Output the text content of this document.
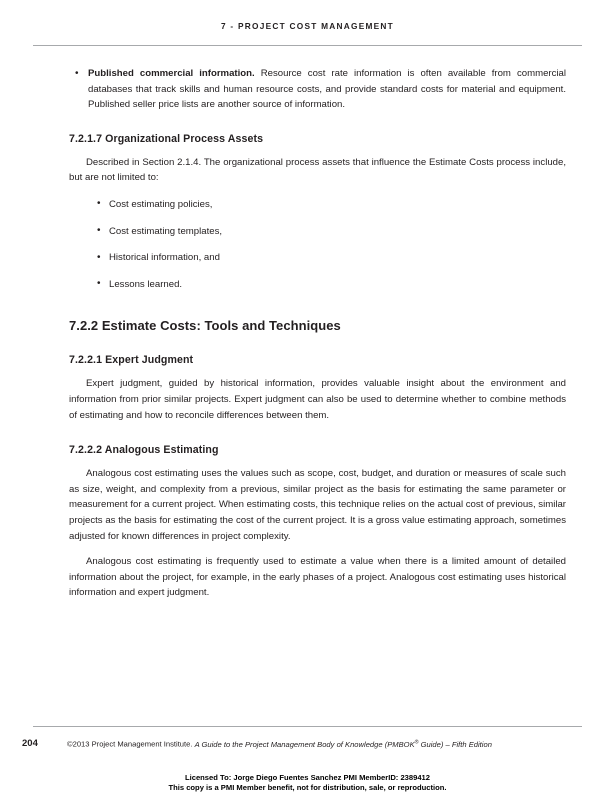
7 - PROJECT COST MANAGEMENT
• Published commercial information. Resource cost rate information is often available from commercial databases that track skills and human resource costs, and provide standard costs for material and equipment. Published seller price lists are another source of information.
7.2.1.7 Organizational Process Assets

Described in Section 2.1.4. The organizational process assets that influence the Estimate Costs process include, but are not limited to:

• Cost estimating policies,
• Cost estimating templates,
• Historical information, and
• Lessons learned.
7.2.2 Estimate Costs: Tools and Techniques
7.2.2.1 Expert Judgment

Expert judgment, guided by historical information, provides valuable insight about the environment and information from prior similar projects. Expert judgment can also be used to determine whether to combine methods of estimating and how to reconcile differences between them.

7.2.2.2 Analogous Estimating

Analogous cost estimating uses the values such as scope, cost, budget, and duration or measures of scale such as size, weight, and complexity from a previous, similar project as the basis for estimating the same parameter or measurement for a current project. When estimating costs, this technique relies on the actual cost of previous, similar projects as the basis for estimating the cost of the current project. It is a gross value estimating approach, sometimes adjusted for known differences in project complexity.

Analogous cost estimating is frequently used to estimate a value when there is a limited amount of detailed information about the project, for example, in the early phases of a project. Analogous cost estimating uses historical information and expert judgment.

204	©2013 Project Management Institute. A Guide to the Project Management Body of Knowledge (PMBOK® Guide) – Fifth Edition
Licensed To: Jorge Diego Fuentes Sanchez PMI MemberID: 2389412
This copy is a PMI Member benefit, not for distribution, sale, or reproduction.
